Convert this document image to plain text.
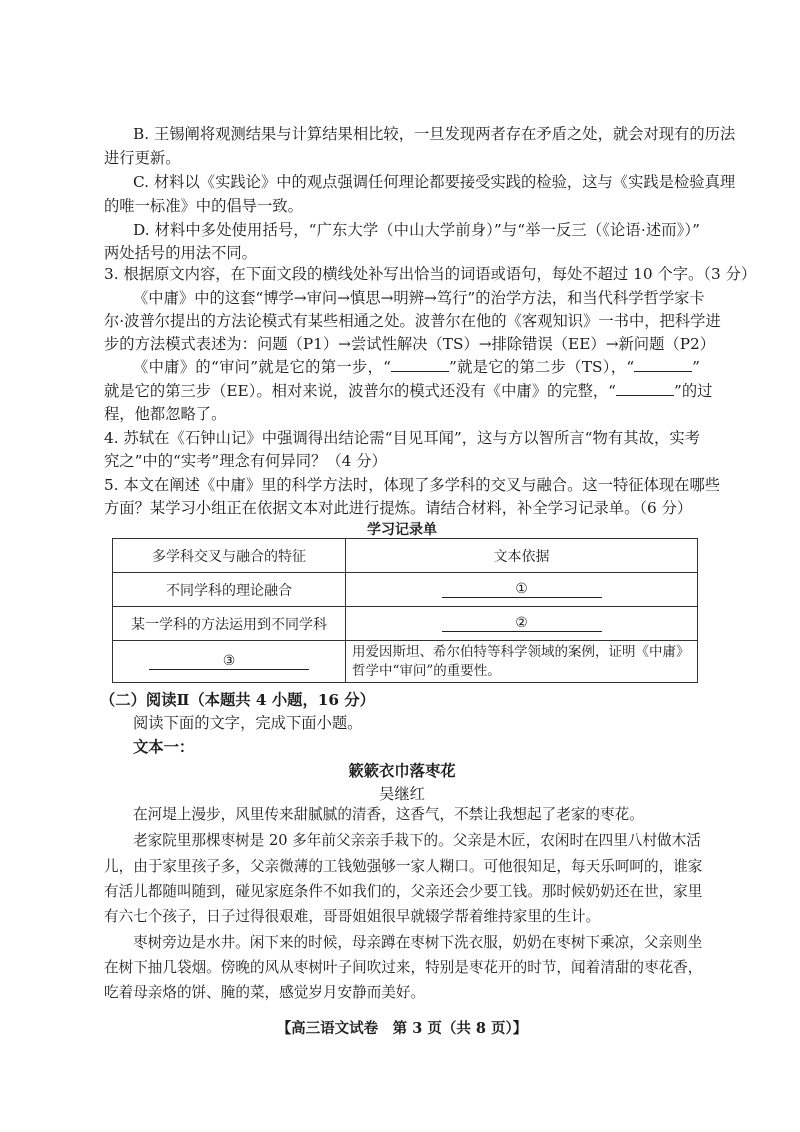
B. 王锡阐将观测结果与计算结果相比较，一旦发现两者存在矛盾之处，就会对现有的历法
进行更新。
C. 材料以《实践论》中的观点强调任何理论都要接受实践的检验，这与《实践是检验真理
的唯一标准》中的倡导一致。
D. 材料中多处使用括号，“广东大学（中山大学前身）”与“举一反三（《论语·述而》）”
两处括号的用法不同。
3. 根据原文内容，在下面文段的横线处补写出恰当的词语或语句，每处不超过 10 个字。（3 分）
《中庸》中的这套“博学→审问→慎思→明辨→笃行”的治学方法，和当代科学哲学家卡
尔·波普尔提出的方法论模式有某些相通之处。波普尔在他的《客观知识》一书中，把科学进
步的方法模式表述为：问题（P1）→尝试性解决（TS）→排除错误（EE）→新问题（P2）
《中庸》的“审问”就是它的第一步，“	”就是它的第二步（TS），“	”
就是它的第三步（EE）。相对来说，波普尔的模式还没有《中庸》的完整，“	”的过
程，他都忽略了。
4. 苏轼在《石钟山记》中强调得出结论需“目见耳闻”，这与方以智所言“物有其故，实考
究之”中的“实考”理念有何异同？（4 分）
5. 本文在阐述《中庸》里的科学方法时，体现了多学科的交叉与融合。这一特征体现在哪些
方面？某学习小组正在依据文本对此进行提炼。请结合材料，补全学习记录单。（6 分）
学习记录单
多学科交叉与融合的特征	文本依据
不同学科的理论融合	①
某一学科的方法运用到不同学科	②
③	用爱因斯坦、希尔伯特等科学领域的案例，证明《中庸》哲学中“审问”的重要性。
（二）阅读Ⅱ（本题共 4 小题，16 分）
阅读下面的文字，完成下面小题。
文本一：
簌簌衣巾落枣花
吴继红
在河堤上漫步，风里传来甜腻腻的清香，这香气，不禁让我想起了老家的枣花。
老家院里那棵枣树是 20 多年前父亲亲手栽下的。父亲是木匠，农闲时在四里八村做木活
儿，由于家里孩子多，父亲微薄的工钱勉强够一家人糊口。可他很知足，每天乐呵呵的，谁家
有活儿都随叫随到，碰见家庭条件不如我们的，父亲还会少要工钱。那时候奶奶还在世，家里
有六七个孩子，日子过得很艰难，哥哥姐姐很早就辍学帮着维持家里的生计。
枣树旁边是水井。闲下来的时候，母亲蹲在枣树下洗衣服，奶奶在枣树下乘凉，父亲则坐
在树下抽几袋烟。傍晚的风从枣树叶子间吹过来，特别是枣花开的时节，闻着清甜的枣花香，
吃着母亲烙的饼、腌的菜，感觉岁月安静而美好。
【高三语文试卷　第 3 页（共 8 页）】
